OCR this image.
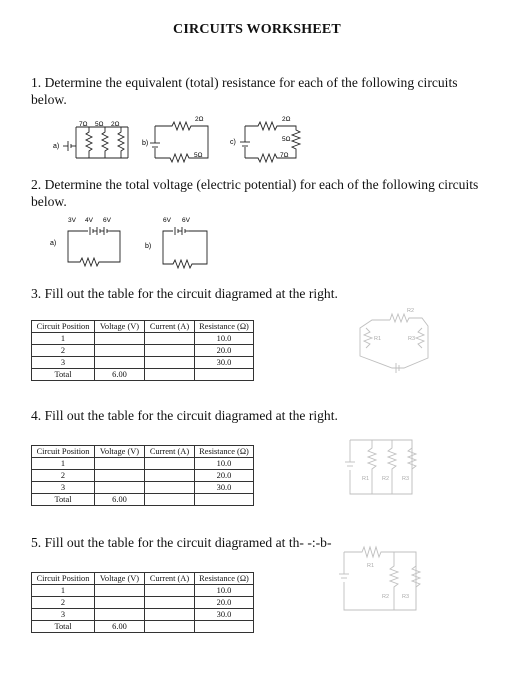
CIRCUITS WORKSHEET
1. Determine the equivalent (total) resistance for each of the following circuits below.
a)
7Ω 5Ω 2Ω
b)
2Ω
5Ω
c)
2Ω
5Ω
7Ω
2. Determine the total voltage (electric potential) for each of the following circuits below.
a)
3V 4V 6V
b)
6V 6V
3. Fill out the table for the circuit diagramed at the right.
Circuit Position	Voltage (V)	Current (A)	Resistance (Ω)
1			10.0
2			20.0
3			30.0
Total	6.00		
R2
R1	R3
4. Fill out the table for the circuit diagramed at the right.
Circuit Position	Voltage (V)	Current (A)	Resistance (Ω)
1			10.0
2			20.0
3			30.0
Total	6.00		
R1 R2 R3
5. Fill out the table for the circuit diagramed at th- -:-b-
Circuit Position	Voltage (V)	Current (A)	Resistance (Ω)
1			10.0
2			20.0
3			30.0
Total	6.00		
R1
R2 R3
